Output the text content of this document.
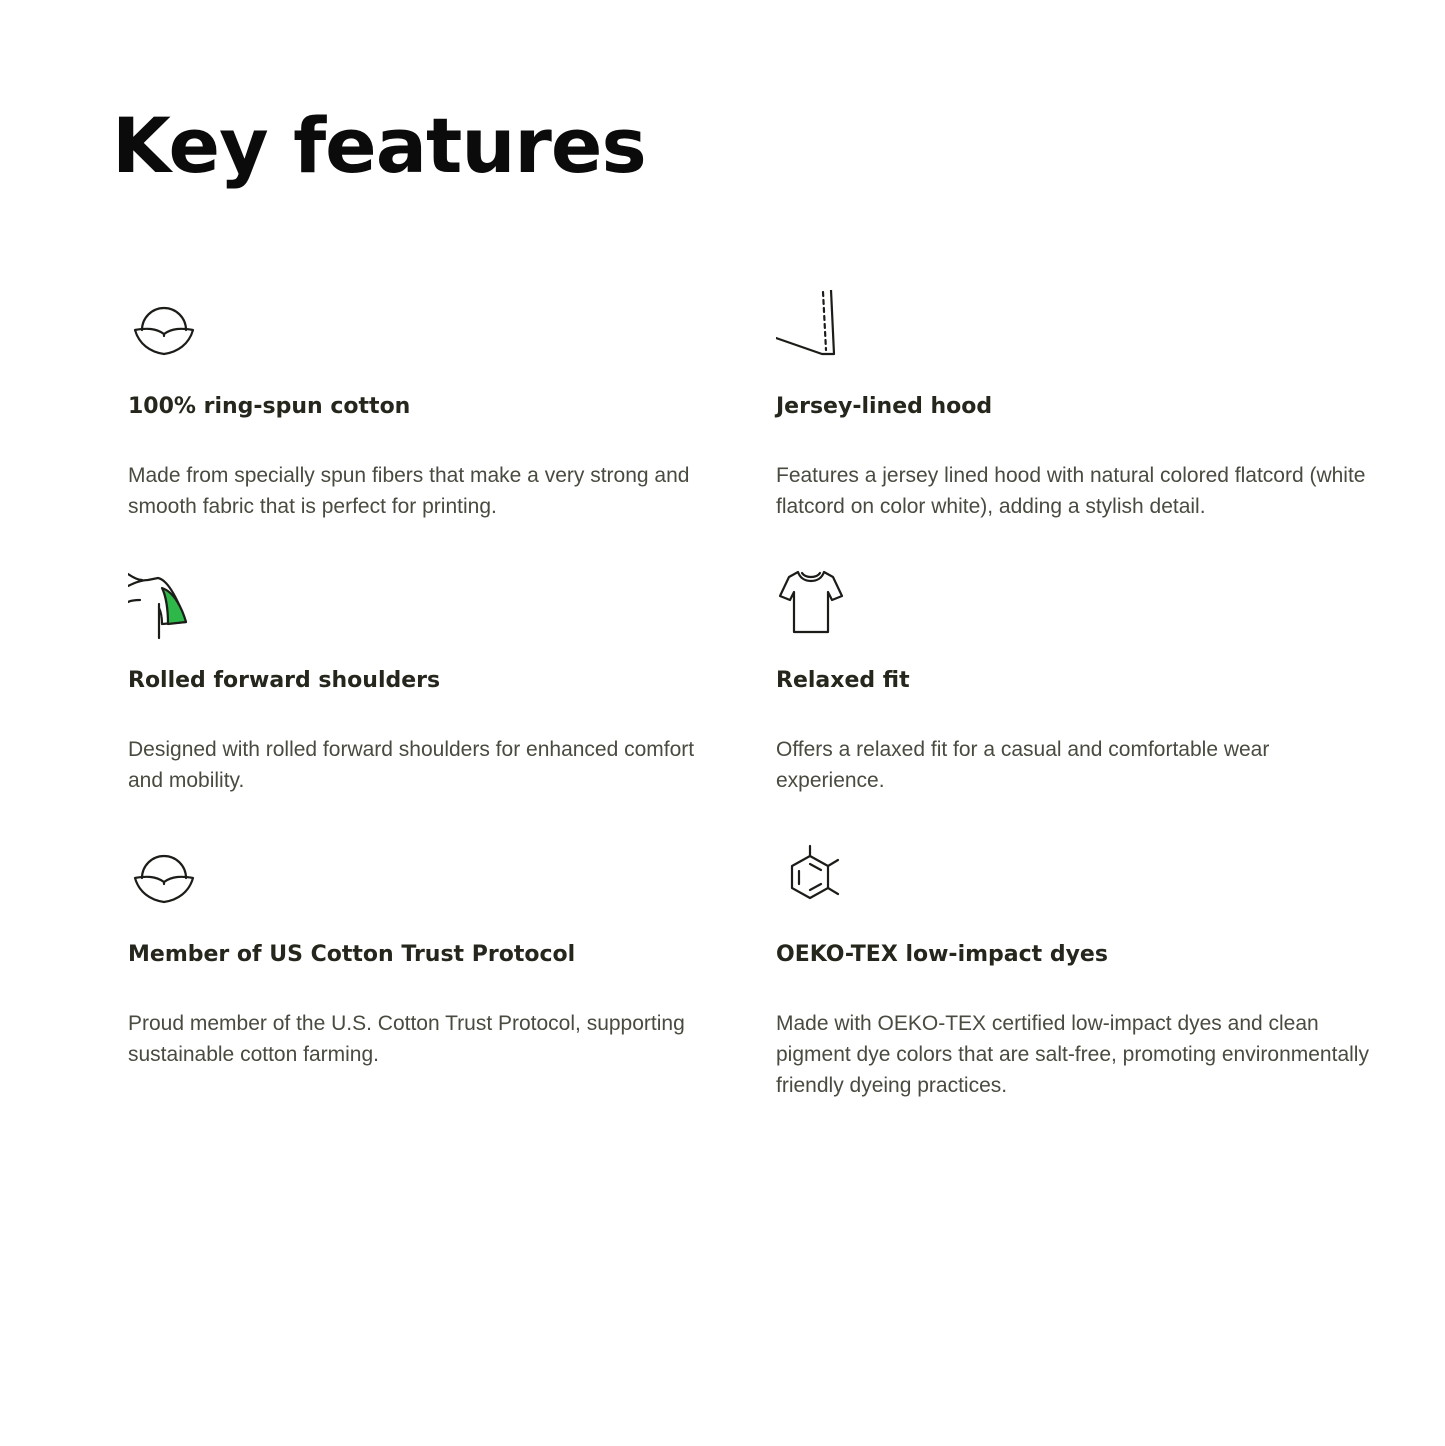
Key features
100% ring-spun cotton

Made from specially spun fibers that make a very strong and smooth fabric that is perfect for printing.

Jersey-lined hood

Features a jersey lined hood with natural colored flatcord (white flatcord on color white), adding a stylish detail.

Rolled forward shoulders

Designed with rolled forward shoulders for enhanced comfort and mobility.

Relaxed fit

Offers a relaxed fit for a casual and comfortable wear experience.

Member of US Cotton Trust Protocol

Proud member of the U.S. Cotton Trust Protocol, supporting sustainable cotton farming.

OEKO-TEX low-impact dyes

Made with OEKO-TEX certified low-impact dyes and clean pigment dye colors that are salt-free, promoting environmentally friendly dyeing practices.
